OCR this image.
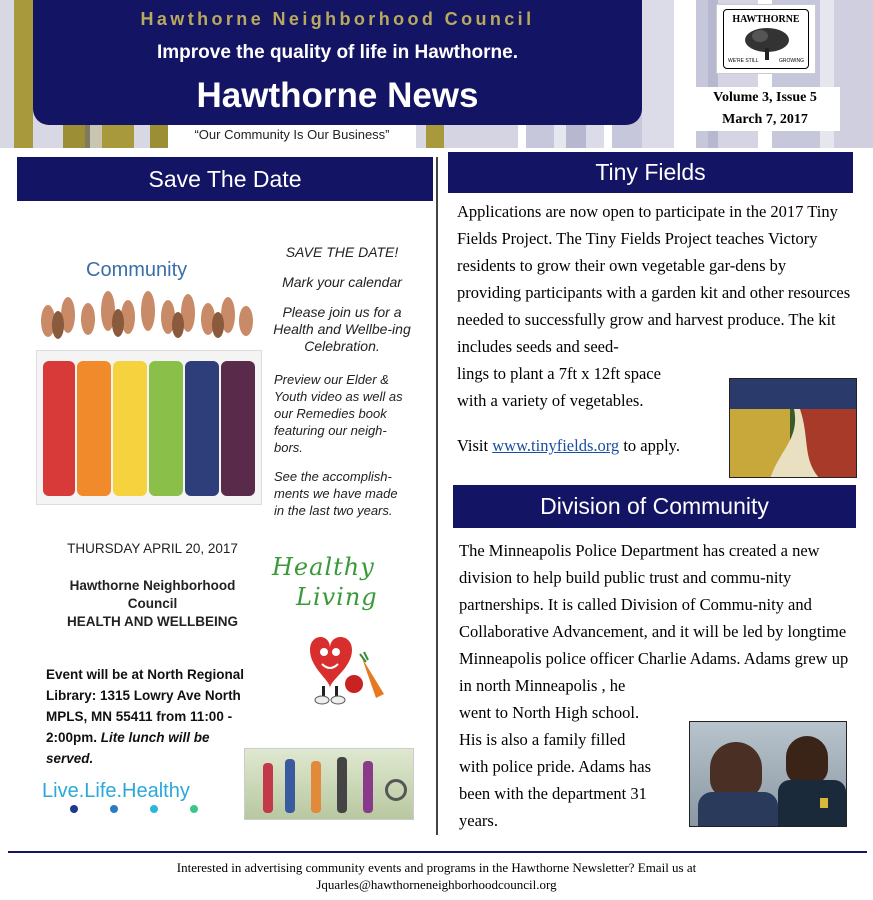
Hawthorne Neighborhood Council
Improve the quality of life in Hawthorne.
Hawthorne News
“Our Community Is Our Business”
HAWTHORNE
WE'RE STILL	GROWING
Volume 3, Issue 5
March 7, 2017
Save The Date
Community
SAVE THE DATE!
Mark your calendar
Please join us for a Health and Wellbe-ing Celebration.
Preview our Elder & Youth video as well as our Remedies book featuring our neigh-bors.
See the accomplish-ments we have made in the last two years.
THURSDAY APRIL 20, 2017
Hawthorne Neighborhood
Council
HEALTH AND WELLBEING
Healthy
Living
Event will be at North Regional Library: 1315 Lowry Ave North MPLS, MN 55411 from 11:00 - 2:00pm. Lite lunch will be served.
Live.Life.Healthy
Tiny Fields
Applications are now open to participate in the 2017 Tiny Fields Project. The Tiny Fields Project teaches Victory residents to grow their own vegetable gar-dens by providing participants with a garden kit and other resources needed to successfully grow and harvest produce. The kit includes seeds and seed-
lings to plant a 7ft x 12ft space
with a variety of vegetables.
Visit www.tinyfields.org to apply.
Division of Community
The Minneapolis Police Department has created a new division to help build public trust and commu-nity partnerships. It is called Division of Commu-nity and Collaborative Advancement, and it will be led by longtime Minneapolis police officer Charlie Adams. Adams grew up in north Minneapolis , he
went to North High school.
His is also a family filled
with police pride. Adams has
been with the department 31
years.
Interested in advertising community events and programs in the Hawthorne Newsletter? Email us at
Jquarles@hawthorneneighborhoodcouncil.org
